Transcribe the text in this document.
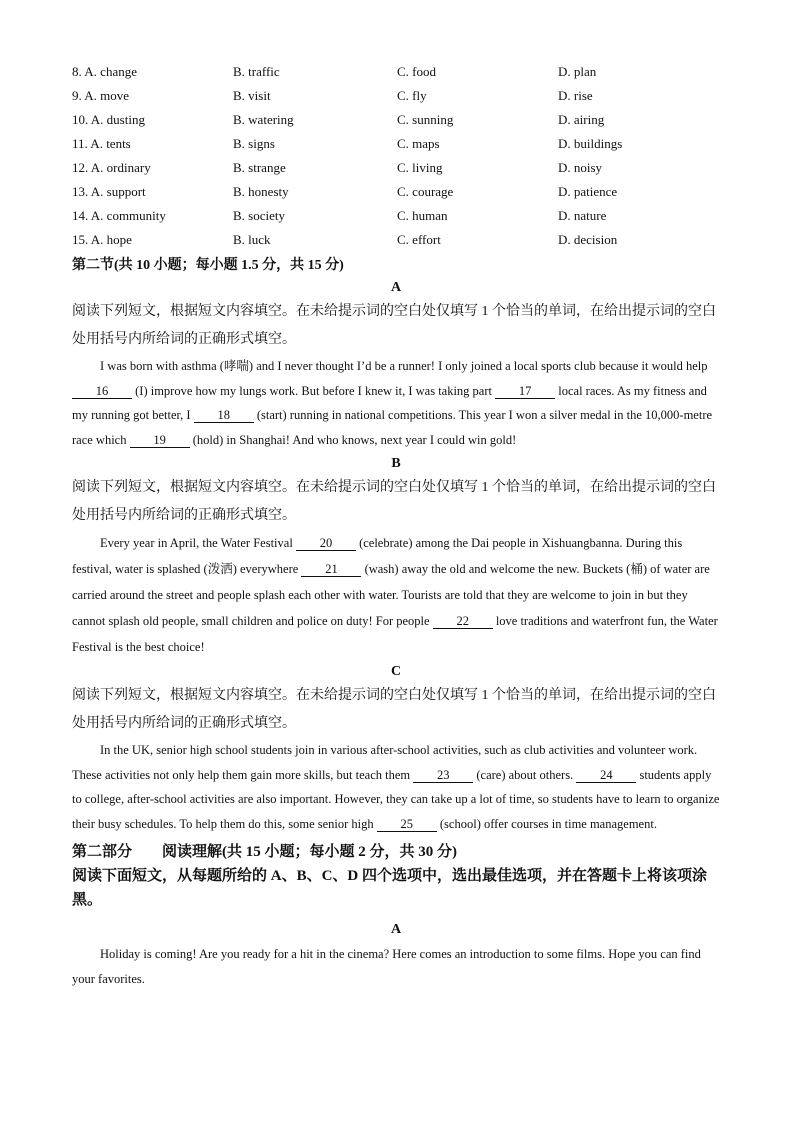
8. A. change	B. traffic	C. food	D. plan
9. A. move	B. visit	C. fly	D. rise
10. A. dusting	B. watering	C. sunning	D. airing
11. A. tents	B. signs	C. maps	D. buildings
12. A. ordinary	B. strange	C. living	D. noisy
13. A. support	B. honesty	C. courage	D. patience
14. A. community	B. society	C. human	D. nature
15. A. hope	B. luck	C. effort	D. decision
第二节(共 10 小题；每小题 1.5 分，共 15 分)
A
阅读下列短文，根据短文内容填空。在未给提示词的空白处仅填写 1 个恰当的单词，在给出提示词的空白处用括号内所给词的正确形式填空。

I was born with asthma (哮喘) and I never thought I’d be a runner! I only joined a local sports club because it would help 16 (I) improve how my lungs work. But before I knew it, I was taking part 17 local races. As my fitness and my running got better, I 18 (start) running in national competitions. This year I won a silver medal in the 10,000-metre race which 19 (hold) in Shanghai! And who knows, next year I could win gold!

B
阅读下列短文，根据短文内容填空。在未给提示词的空白处仅填写 1 个恰当的单词，在给出提示词的空白处用括号内所给词的正确形式填空。

Every year in April, the Water Festival 20 (celebrate) among the Dai people in Xishuangbanna. During this festival, water is splashed (泼洒) everywhere 21 (wash) away the old and welcome the new. Buckets (桶) of water are carried around the street and people splash each other with water. Tourists are told that they are welcome to join in but they cannot splash old people, small children and police on duty! For people 22 love traditions and waterfront fun, the Water Festival is the best choice!

C
阅读下列短文，根据短文内容填空。在未给提示词的空白处仅填写 1 个恰当的单词，在给出提示词的空白处用括号内所给词的正确形式填空。

In the UK, senior high school students join in various after-school activities, such as club activities and volunteer work. These activities not only help them gain more skills, but teach them 23 (care) about others. 24 students apply to college, after-school activities are also important. However, they can take up a lot of time, so students have to learn to organize their busy schedules. To help them do this, some senior high 25 (school) offer courses in time management.

第二部分　　阅读理解(共 15 小题；每小题 2 分，共 30 分)
阅读下面短文，从每题所给的 A、B、C、D 四个选项中，选出最佳选项，并在答题卡上将该项涂黑。
A

Holiday is coming! Are you ready for a hit in the cinema? Here comes an introduction to some films. Hope you can find your favorites.
